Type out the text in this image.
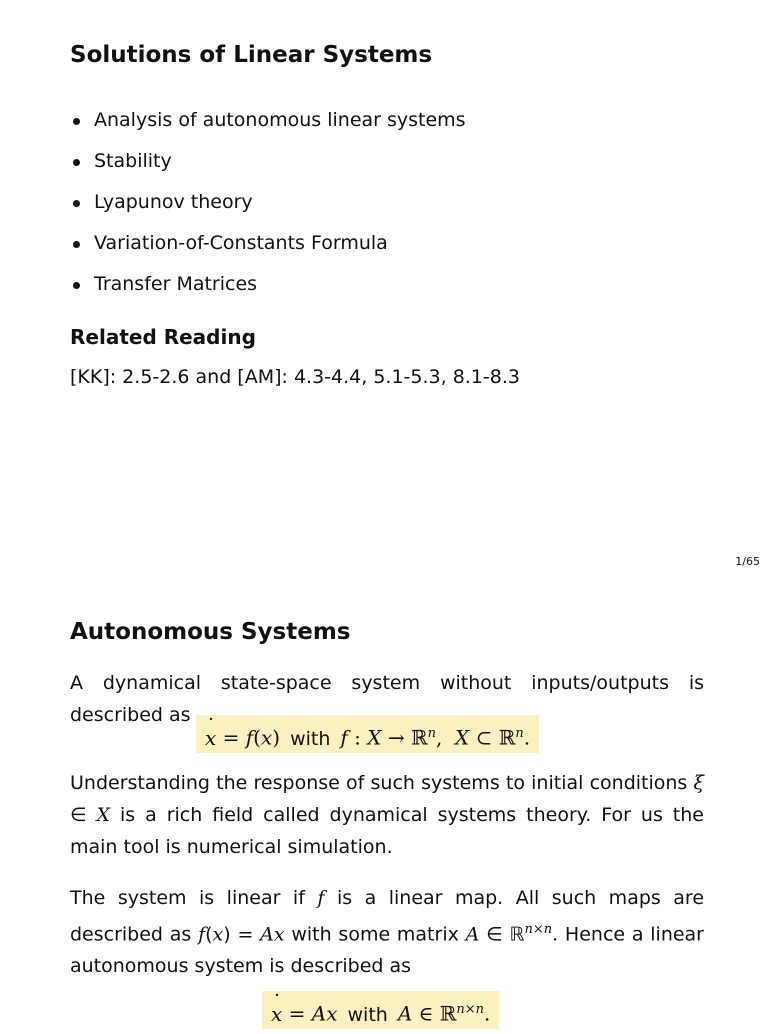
Solutions of Linear Systems
Analysis of autonomous linear systems
Stability
Lyapunov theory
Variation-of-Constants Formula
Transfer Matrices
Related Reading
[KK]: 2.5-2.6 and [AM]: 4.3-4.4, 5.1-5.3, 8.1-8.3
1/65
Autonomous Systems

A dynamical state-space system without inputs/outputs is described as

x ˙ = f(x) with f : X → ℝ$^n$,  X ⊂ ℝ$^n$.

Understanding the response of such systems to initial conditions ξ ∈ X is a rich field called dynamical systems theory. For us the main tool is numerical simulation.

The system is linear if f is a linear map. All such maps are described as f(x) = Ax with some matrix A ∈ ℝ$^{n\times n}$. Hence a linear autonomous system is described as

x ˙ = Ax with A ∈ ℝ$^{n\times n}$.
